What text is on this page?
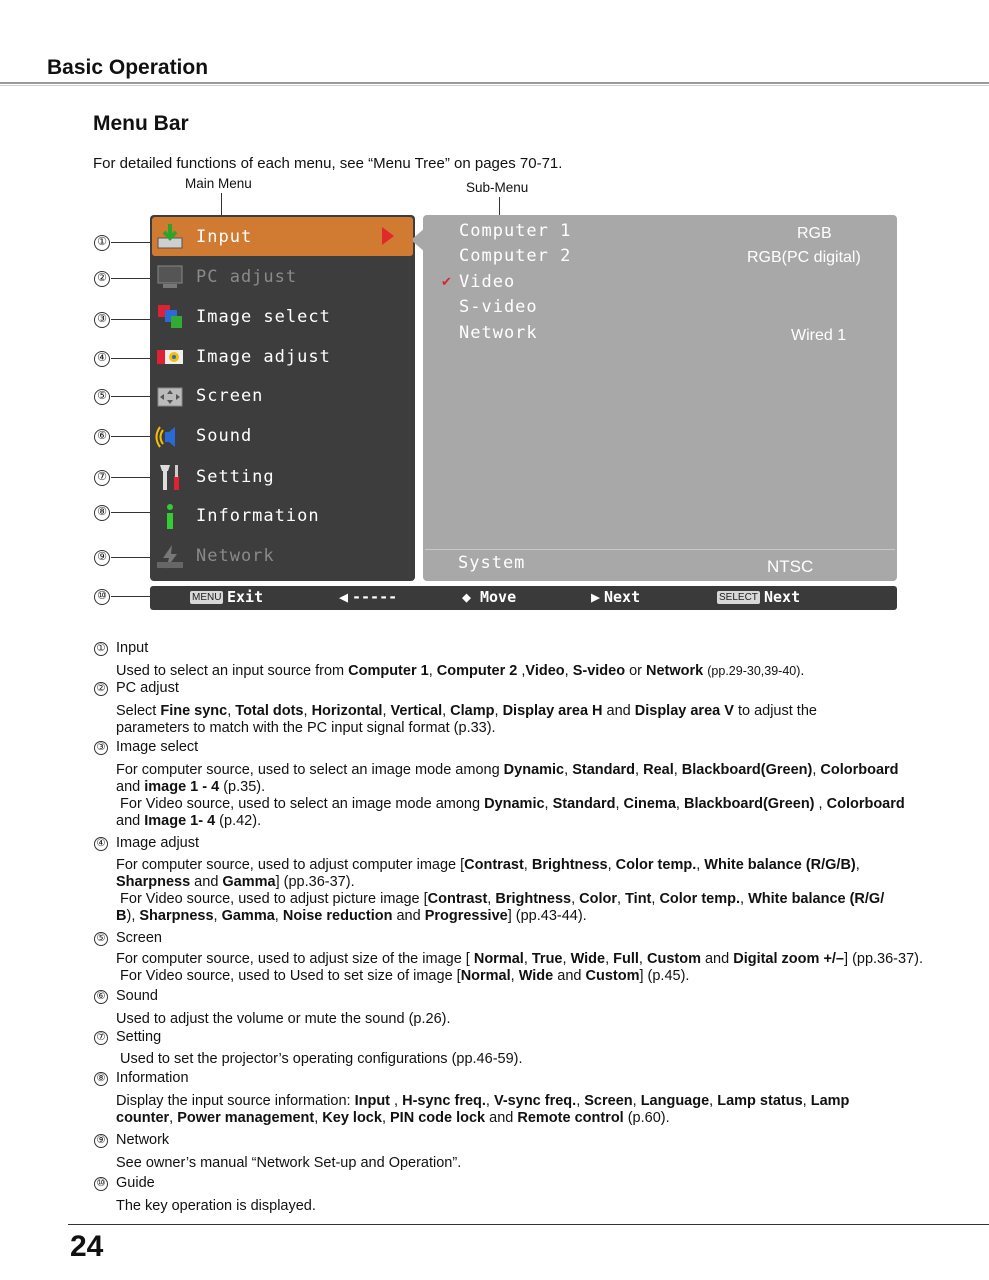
Basic Operation
Menu Bar
For detailed functions of each menu, see “Menu Tree” on pages 70-71.
Main Menu	Sub-Menu
①
②
③
④
⑤
⑥
⑦
⑧
⑨
⑩
Input
PC adjust
Image select
Image adjust
Screen
Sound
Setting
Information
Network
Computer 1
Computer 2
✔ Video
S-video
Network
RGB
RGB(PC digital)
Wired 1
System	NTSC
MENU Exit	◀ -----	◆ Move	▶ Next	SELECT Next
① Input
Used to select an input source from Computer 1, Computer 2 ,Video, S-video or Network (pp.29-30,39-40).
② PC adjust
Select Fine sync, Total dots, Horizontal, Vertical, Clamp, Display area H and Display area V to adjust the
parameters to match with the PC input signal format (p.33).
③ Image select
For computer source, used to select an image mode among Dynamic, Standard, Real, Blackboard(Green), Colorboard
and image 1 - 4 (p.35).
For Video source, used to select an image mode among Dynamic, Standard, Cinema, Blackboard(Green) , Colorboard
and Image 1- 4 (p.42).
④ Image adjust
For computer source, used to adjust computer image [Contrast, Brightness, Color temp., White balance (R/G/B),
Sharpness and Gamma] (pp.36-37).
For Video source, used to adjust picture image [Contrast, Brightness, Color, Tint, Color temp., White balance (R/G/
B), Sharpness, Gamma, Noise reduction and Progressive] (pp.43-44).
⑤ Screen
For computer source, used to adjust size of the image [ Normal, True, Wide, Full, Custom and Digital zoom +/–] (pp.36-37).
For Video source, used to Used to set size of image [Normal, Wide and Custom] (p.45).
⑥ Sound
Used to adjust the volume or mute the sound (p.26).
⑦ Setting
Used to set the projector’s operating configurations (pp.46-59).
⑧ Information
Display the input source information: Input , H-sync freq., V-sync freq., Screen, Language, Lamp status, Lamp
counter, Power management, Key lock, PIN code lock and Remote control (p.60).
⑨ Network
See owner’s manual “Network Set-up and Operation”.
⑩ Guide
The key operation is displayed.
24
